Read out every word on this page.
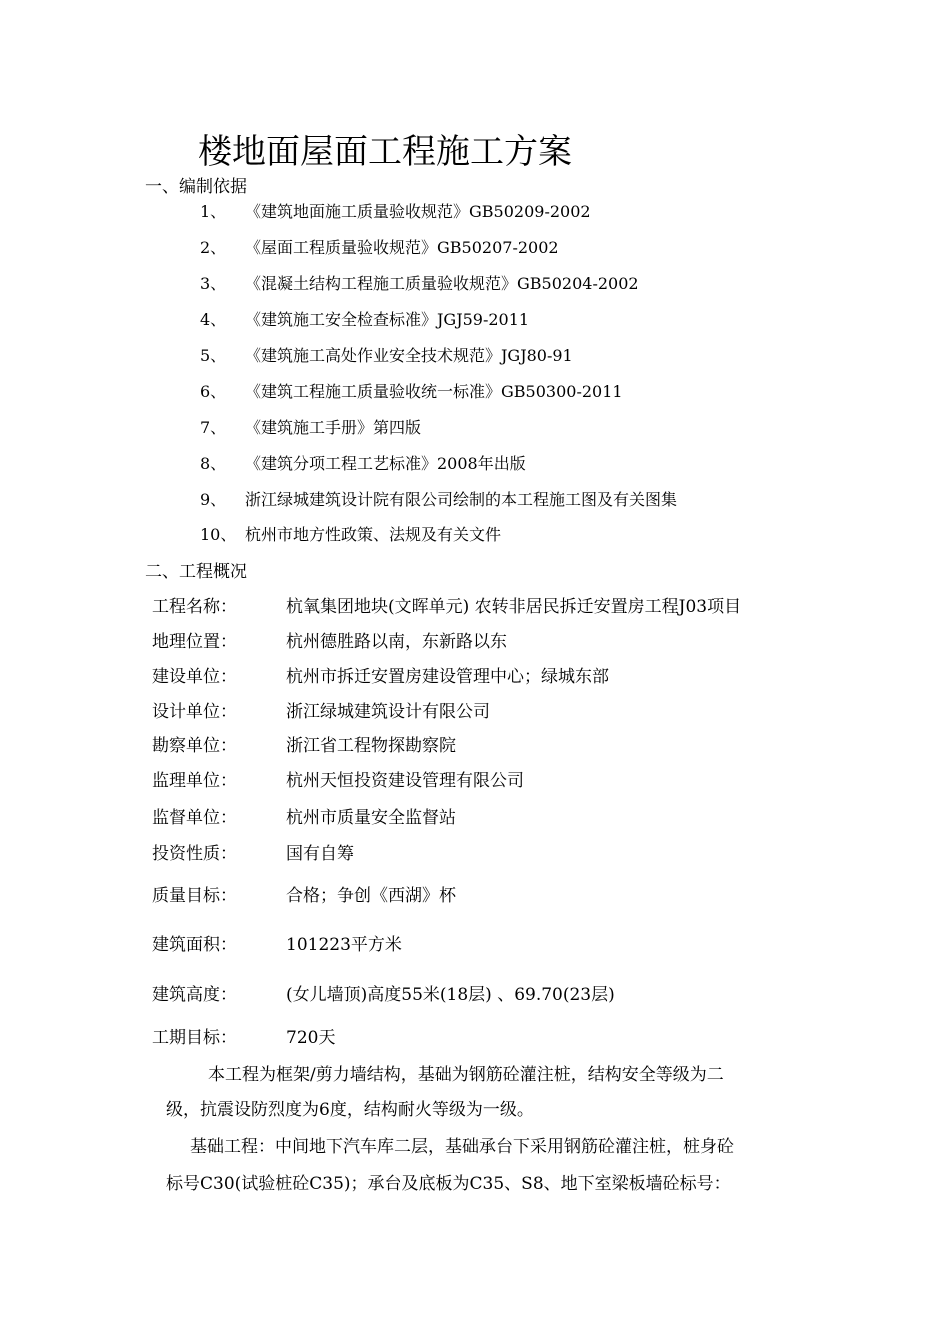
楼地面屋面工程施工方案
一、编制依据
1、 《建筑地面施工质量验收规范》GB50209-2002
2、 《屋面工程质量验收规范》GB50207-2002
3、 《混凝土结构工程施工质量验收规范》GB50204-2002
4、 《建筑施工安全检查标准》JGJ59-2011
5、 《建筑施工高处作业安全技术规范》JGJ80-91
6、 《建筑工程施工质量验收统一标准》GB50300-2011
7、 《建筑施工手册》第四版
8、 《建筑分项工程工艺标准》2008年出版
9、 浙江绿城建筑设计院有限公司绘制的本工程施工图及有关图集
10、 杭州市地方性政策、法规及有关文件
二、工程概况
工程名称：	杭氧集团地块(文晖单元) 农转非居民拆迁安置房工程J03项目
地理位置：	杭州德胜路以南，东新路以东
建设单位：	杭州市拆迁安置房建设管理中心；绿城东部
设计单位：	浙江绿城建筑设计有限公司
勘察单位：	浙江省工程物探勘察院
监理单位：	杭州天恒投资建设管理有限公司
监督单位：	杭州市质量安全监督站
投资性质：	国有自筹
质量目标：	合格；争创《西湖》杯
建筑面积：	101223平方米
建筑高度：	(女儿墙顶)高度55米(18层) 、69.70(23层)
工期目标：	720天
本工程为框架/剪力墙结构，基础为钢筋砼灌注桩，结构安全等级为二
级，抗震设防烈度为6度，结构耐火等级为一级。
基础工程：中间地下汽车库二层，基础承台下采用钢筋砼灌注桩，桩身砼
标号C30(试验桩砼C35)；承台及底板为C35、S8、地下室梁板墙砼标号：
